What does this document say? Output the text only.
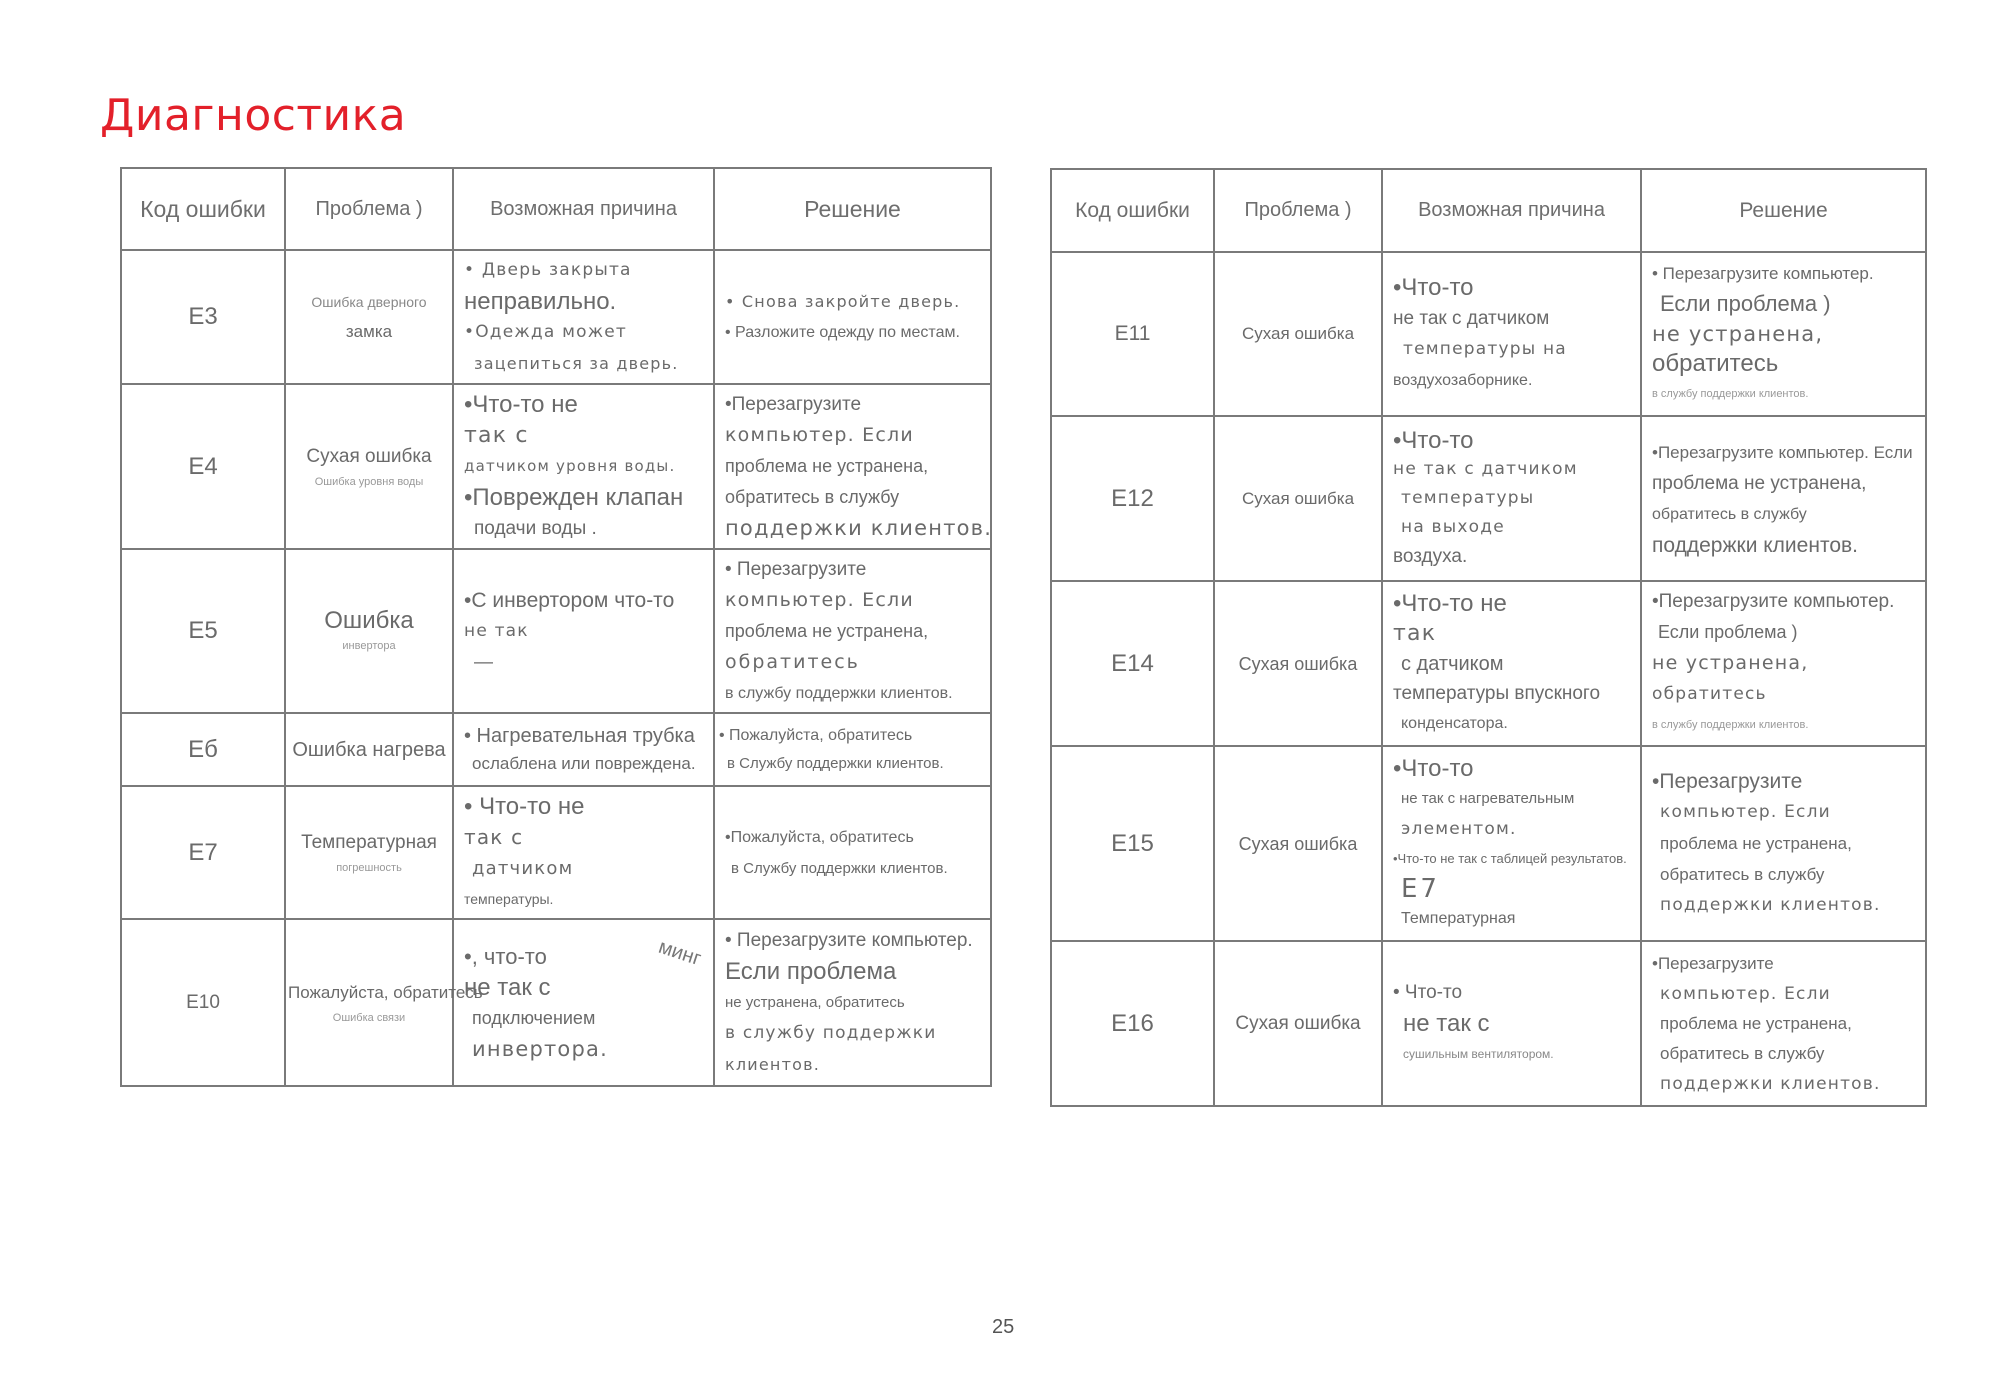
Диагностика
Код ошибки	Проблема )	Возможная причина	Решение
E3	
Ошибка дверного
замка

• Дверь закрыта
неправильно.
•Одежда может
зацепиться за дверь.

• Снова закройте дверь.
• Разложите одежду по местам.

E4	Сухая ошибка
Ошибка уровня воды

•Что-то не
так с
датчиком уровня воды.
•Поврежден клапан
подачи воды .

•Перезагрузите
компьютер. Если
проблема не устранена,
обратитесь в службу
поддержки клиентов.

E5	Ошибка
инвертора

•С инвертором что-то
не так
—

• Перезагрузите
компьютер. Если
проблема не устранена,
обратитесь
в службу поддержки клиентов.

Eб	Ошибка нагрева

• Нагревательная трубка
ослаблена или повреждена.

• Пожалуйста, обратитесь
в Службу поддержки клиентов.

E7	Температурная
погрешность

• Что-то не
так с
датчиком
температуры.

•Пожалуйста, обратитесь
в Службу поддержки клиентов.

E10	Пожалуйста, обратитесь
Ошибка связи

минг
•, что-то
не так с
подключением
инвертора.

• Перезагрузите компьютер.
Если проблема
не устранена, обратитесь
в службу поддержки
клиентов.
Код ошибки	Проблема )	Возможная причина	Решение
E11	Сухая ошибка

•Что-то
не так с датчиком
температуры на
воздухозаборнике.

• Перезагрузите компьютер.
Если проблема )
не устранена,
обратитесь
в службу поддержки клиентов.

E12	Сухая ошибка

•Что-то
не так с датчиком
температуры
на выходе
воздуха.

•Перезагрузите компьютер. Если
проблема не устранена,
обратитесь в службу
поддержки клиентов.

E14	Сухая ошибка

•Что-то не
так
с датчиком
температуры впускного
конденсатора.

•Перезагрузите компьютер.
Если проблема )
не устранена,
обратитесь
в службу поддержки клиентов.

E15	Сухая ошибка

•Что-то
не так с нагревательным
элементом.
•Что-то не так с таблицей результатов.
E7
Температурная

•Перезагрузите
компьютер. Если
проблема не устранена,
обратитесь в службу
поддержки клиентов.

E16	Сухая ошибка

• Что-то
не так с
сушильным вентилятором.

•Перезагрузите
компьютер. Если
проблема не устранена,
обратитесь в службу
поддержки клиентов.
25
